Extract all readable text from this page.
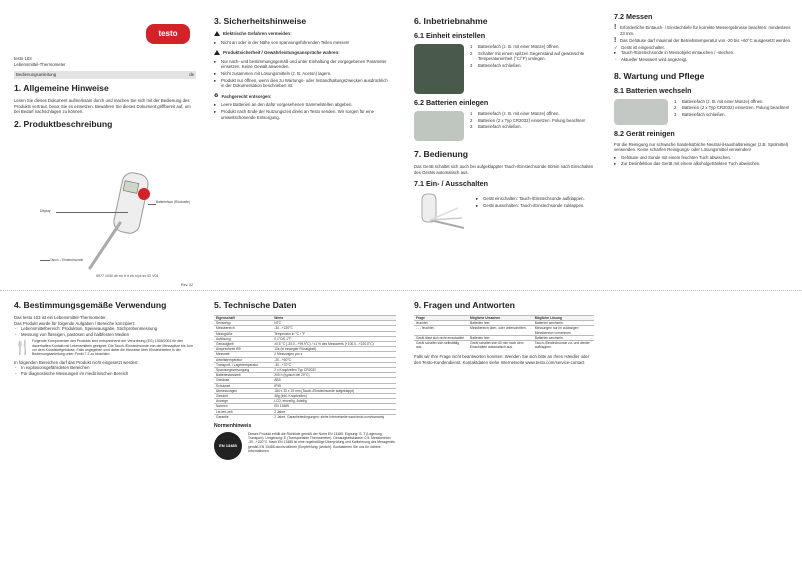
testo
testo 103
Lebensmittel-Thermometer
Bedienungsanleitung	de
1. Allgemeine Hinweise

Lesen Sie dieses Dokument aufmerksam durch und machen Sie sich mit der Bedienung des Produkts vertraut, bevor Sie es einsetzen. Bewahren Sie dieses Dokument griffbereit auf, um bei Bedarf nachschlagen zu können.

2. Produktbeschreibung
Display
Batteriefach (Rückseite)
Tauch- / Einstechsonde
0977 1030 de en fr it es nl pt sv 02 V01
Rev. 02
3. Sicherheitshinweise
Elektrische Gefahren vermeiden:
▸ Nicht an oder in der Nähe von spannungsführenden Teilen messen!
Produktsicherheit / Gewährleistungsansprüche wahren:
▸ Nur nach- und bestimmungsgemäß und unter Einhaltung der vorgegebenen Parameter einsetzen. Keine Gewalt anwenden.
▸ Nicht zusammen mit Lösungsmitteln (z. B. Aceton) lagern.
▸ Produkt nur öffnen, wenn dies zu Wartungs- oder Instandhaltungszwecken ausdrücklich in der Dokumentation beschrieben ist.
♻ Fachgerecht entsorgen:
▸ Leere Batterien an den dafür vorgesehenen Sammelstellen abgeben.
▸ Produkt nach Ende der Nutzungszeit direkt an Testo senden. Wir sorgen für eine umweltschonende Entsorgung.
6. Inbetriebnahme
6.1 Einheit einstellen
1 Batteriefach (z. B. mit einer Münze) öffnen.
2 Schalter mit einem spitzen Gegenstand auf gewünschte Temperatureinheit (°C/°F) umlegen.
3 Batteriefach schließen.
6.2 Batterien einlegen
1 Batteriefach (z. B. mit einer Münze) öffnen.
2 Batterien (2 x Typ CR2032) einsetzen. Polung beachten!
3 Batteriefach schließen.
7. Bedienung

Das Gerät schaltet sich auch bei aufgeklappter Tauch-/Einstechsonde 60min nach Einschalten des Geräts automatisch aus.

7.1 Ein- / Ausschalten
▸ Gerät einschalten: Tauch-/Einstechsonde aufklappen.
▸ Gerät ausschalten: Tauch-/Einstechsonde zuklappen.
7.2 Messen
! Erforderliche Eintauch- / Einstechtiefe für korrekte Messergebnisse beachten: mindestens 23 mm.
! Das Gehäuse darf maximal der Betriebstemperatur von -20 bis +60°C ausgesetzt werden.
✓ Gerät ist eingeschaltet.
▸ Tauch-/Einstechsonde in Messobjekt eintauchen / -stechen.
- Aktueller Messwert wird angezeigt.
8. Wartung und Pflege
8.1 Batterien wechseln
1 Batteriefach (z. B. mit einer Münze) öffnen.
2 Batterien (2 x Typ CR2032) einsetzen. Polung beachten!
3 Batteriefach schließen.
8.2 Gerät reinigen

Für die Reinigung nur schwache handelsübliche Neutral-/Haushaltsreiniger (z.B. Spülmittel) verwenden. Keine scharfen Reinigungs- oder Lösungsmittel verwenden!

▸ Gehäuse und Sonde mit einem feuchten Tuch abwischen.
▸ Zur Desinfektion das Gerät mit einem alkoholgetränkten Tuch abwischen.
4. Bestimmungsgemäße Verwendung

Das testo 103 ist ein Lebensmittel-Thermometer.

Das Produkt wurde für folgende Aufgaben / Bereiche konzipiert:

- Lebensmittelbereich: Produktion, Speiseausgabe, Stichprobenmessung
- Messung von flüssigen, pastösen und halbfesten Medien
🍴 Folgende Komponenten des Produkts sind entsprechend der Verordnung (EG) 1935/2004 für den dauerhaften Kontakt mit Lebensmitteln geeignet: Die Tauch-/Einstechsonde von der Messspitze bis 1cm vor dem Kunststoffgehäuse. Falls angegeben sind dabei die Hinweise über Einstechtiefen in der Bedienungsanleitung unter Punkt 7.2 zu beachten.

In folgenden Bereichen darf das Produkt nicht eingesetzt werden:

- In explosionsgefährdeten Bereichen
- Für diagnostische Messungen im medizinischen Bereich
5. Technische Daten
Eigenschaft	Werte
Sensortyp	NTC
Messbereich	-30...+220°C
Messgröße	Temperatur in °C / °F
Auflösung	0,1°C/0,1°F
Genauigkeit	±0,5 °C (-30,0...+99,9°C) / ±1 % des Messwerts (+100,0...+220,0°C)
Ansprechzeit t99	10s (in bewegter Flüssigkeit)
Messrate	2 Messungen pro s
Arbeitstemperatur	-20...+60°C
Transport- / Lagertemperatur	-30...+70°C
Spannungsversorgung	2 x Knopfzellen Typ CR2032
Batteriestandzeit	200 h (typisch bei 20°C)
Gehäuse	ABS
Schutzart	IP55
Abmessungen	184 x 33 x 19 mm (Tauch-/Einstechsonde aufgeklappt)
Gewicht	48g (inkl. Knopfzellen)
Anzeige	LCD, einzeilig, 4stellig
Normen	EN 13485
Lie-fert-zeit	2 Jahre
Garantie	2 Jahre, Garantiebedingungen: siehe Internetseite www.testo.com/warranty
Normenhinweis
EN 13485
Dieses Produkt erfüllt die Richtlinie gemäß der Norm EN 13485. Eignung: S, T (Lagerung, Transport). Umgebung: E (Transportable Thermometer). Genauigkeitsklasse: 0,5. Messbereich: -30...+220°C. Nach EN 13485 ist eine regelmäßige Überprüfung und Kalibrierung des Messgeräts gemäß EN 13486 durchzuführen (Empfehlung: jährlich). Kontaktieren Sie uns für nähere Informationen.
9. Fragen und Antworten
Frage	Mögliche Ursachen	Mögliche Lösung
leuchtet.	Batterien leer.	Batterien wechseln.
- - - leuchtet.	Messbereich über- oder unterschritten.	Messungen nur im zulässigen Messbereich vornehmen.
Gerät lässt sich nicht einschalten.	Batterien leer.	Batterien wechseln.
Gerät schaltet sich selbsttätig aus.	Gerät schaltet sich 60 min nach dem Einschalten automatisch aus.	Tauch-/Einstechsonde zu- und wieder aufklappen.

Falls wir Ihre Frage nicht beantworten konnten: Wenden Sie sich bitte an Ihren Händler oder den Testo-Kundendienst. Kontaktdaten siehe Internetseite www.testo.com/service-contact
